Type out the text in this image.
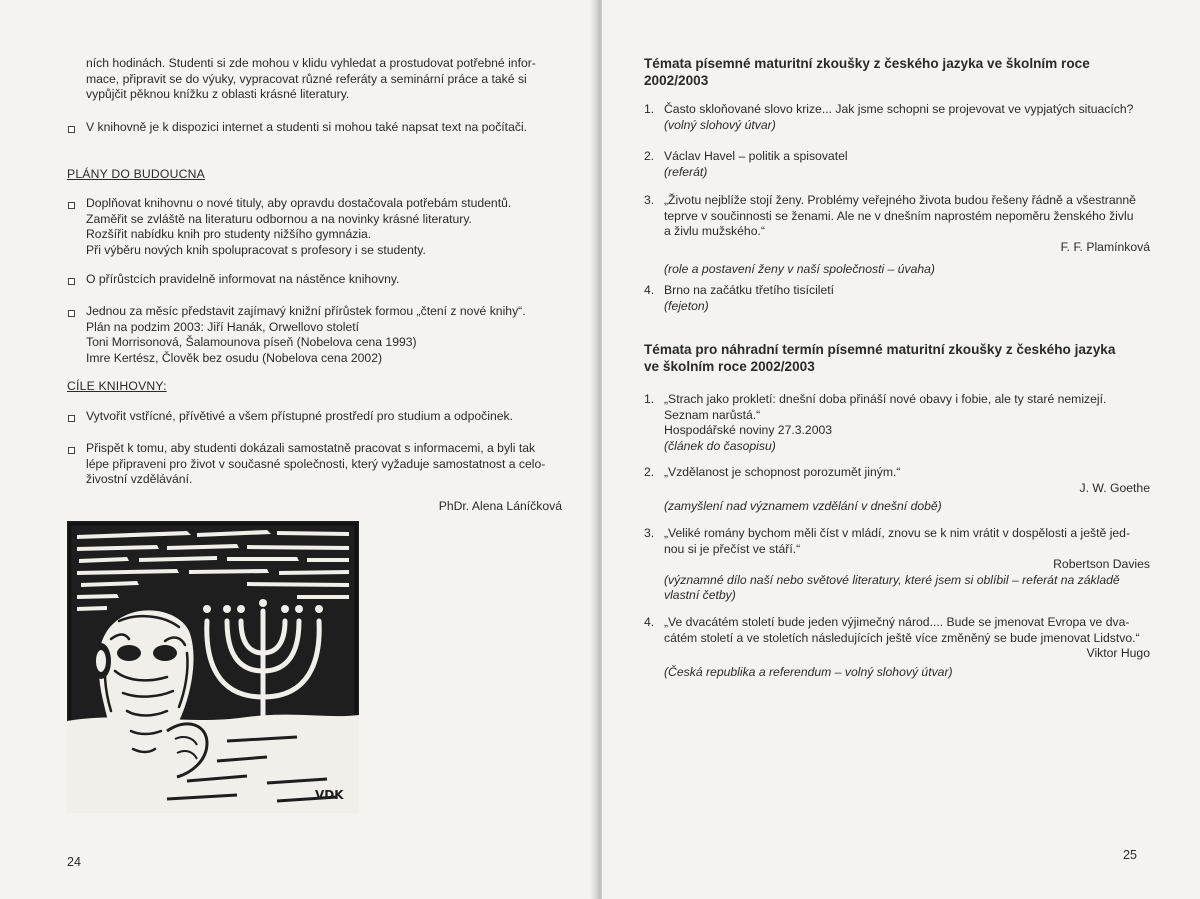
ních hodinách. Studenti si zde mohou v klidu vyhledat a prostudovat potřebné infor-

mace, připravit se do výuky, vypracovat různé referáty a seminární práce a také si

vypůjčit pěknou knížku z oblasti krásné literatury.

V knihovně je k dispozici internet a studenti si mohou také napsat text na počítači.

PLÁNY DO BUDOUCNA

Doplňovat knihovnu o nové tituly, aby opravdu dostačovala potřebám studentů.

Zaměřit se zvláště na literaturu odbornou a na novinky krásné literatury.

Rozšířit nabídku knih pro studenty nižšího gymnázia.

Při výběru nových knih spolupracovat s profesory i se studenty.

O přírůstcích pravidelně informovat na nástěnce knihovny.

Jednou za měsíc představit zajímavý knižní přírůstek formou „čtení z nové knihy“.

Plán na podzim 2003: Jiří Hanák, Orwellovo století

Toni Morrisonová, Šalamounova píseň (Nobelova cena 1993)

Imre Kertész, Člověk bez osudu (Nobelova cena 2002)

CÍLE KNIHOVNY:

Vytvořit vstřícné, přívětivé a všem přístupné prostředí pro studium a odpočinek.

Přispět k tomu, aby studenti dokázali samostatně pracovat s informacemi, a byli tak

lépe připraveni pro život v současné společnosti, který vyžaduje samostatnost a celo-

živostní vzdělávání.

PhDr. Alena Láníčková
VDK
24

Témata písemné maturitní zkoušky z českého jazyka ve školním roce

2002/2003

1. Často skloňované slovo krize... Jak jsme schopni se projevovat ve vypjatých situacích?

(volný slohový útvar)

2. Václav Havel – politik a spisovatel

(referát)

3. „Životu nejblíže stojí ženy. Problémy veřejného života budou řešeny řádně a všestranně

teprve v součinnosti se ženami. Ale ne v dnešním naprostém nepoměru ženského živlu

a živlu mužského.“

F. F. Plamínková

(role a postavení ženy v naší společnosti – úvaha)

4. Brno na začátku třetího tisíciletí

(fejeton)

Témata pro náhradní termín písemné maturitní zkoušky z českého jazyka

ve školním roce 2002/2003

1. „Strach jako prokletí: dnešní doba přináší nové obavy i fobie, ale ty staré nemizejí.

Seznam narůstá.“

Hospodářské noviny 27.3.2003

(článek do časopisu)

2. „Vzdělanost je schopnost porozumět jiným.“

J. W. Goethe

(zamyšlení nad významem vzdělání v dnešní době)

3. „Veliké romány bychom měli číst v mládí, znovu se k nim vrátit v dospělosti a ještě jed-

nou si je přečíst ve stáří.“

Robertson Davies

(významné dílo naší nebo světové literatury, které jsem si oblíbil – referát na základě

vlastní četby)

4. „Ve dvacátém století bude jeden výjimečný národ.... Bude se jmenovat Evropa ve dva-

cátém století a ve stoletích následujících ještě více změněný se bude jmenovat Lidstvo.“

Viktor Hugo

(Česká republika a referendum – volný slohový útvar)

25
